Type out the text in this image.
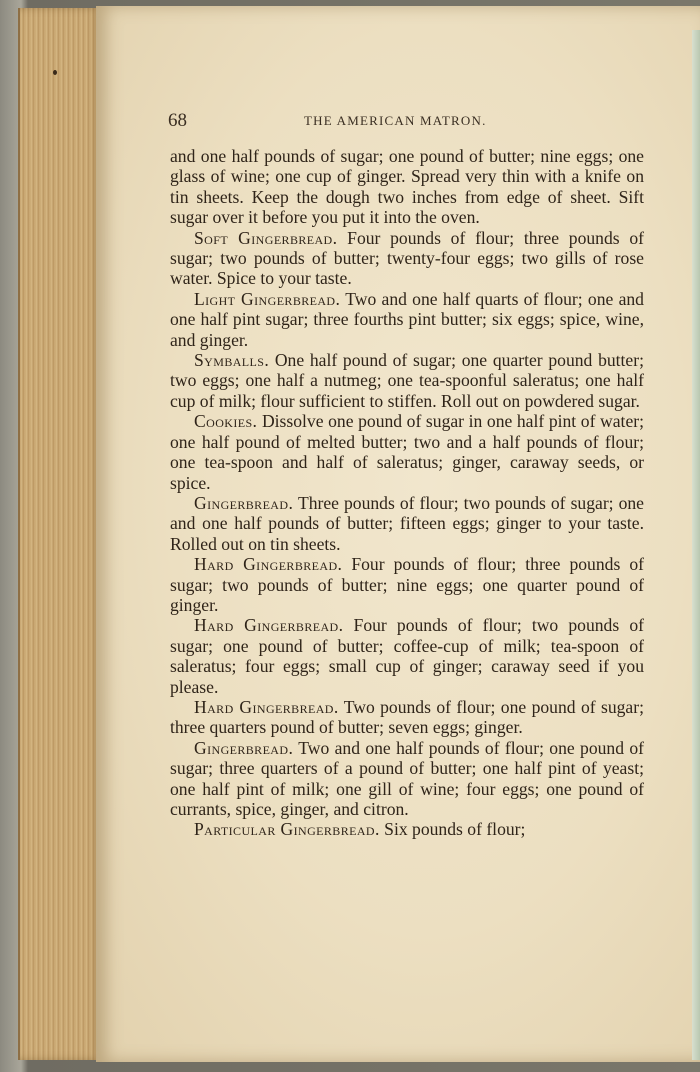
68	THE AMERICAN MATRON.

and one half pounds of sugar; one pound of butter; nine eggs; one glass of wine; one cup of ginger. Spread very thin with a knife on tin sheets. Keep the dough two inches from edge of sheet. Sift sugar over it before you put it into the oven.

Soft Gingerbread. Four pounds of flour; three pounds of sugar; two pounds of butter; twenty-four eggs; two gills of rose water. Spice to your taste.

Light Gingerbread. Two and one half quarts of flour; one and one half pint sugar; three fourths pint butter; six eggs; spice, wine, and ginger.

Symballs. One half pound of sugar; one quarter pound butter; two eggs; one half a nutmeg; one tea-spoonful saleratus; one half cup of milk; flour sufficient to stiffen. Roll out on powdered sugar.

Cookies. Dissolve one pound of sugar in one half pint of water; one half pound of melted butter; two and a half pounds of flour; one tea-spoon and half of saleratus; ginger, caraway seeds, or spice.

Gingerbread. Three pounds of flour; two pounds of sugar; one and one half pounds of butter; fifteen eggs; ginger to your taste. Rolled out on tin sheets.

Hard Gingerbread. Four pounds of flour; three pounds of sugar; two pounds of butter; nine eggs; one quarter pound of ginger.

Hard Gingerbread. Four pounds of flour; two pounds of sugar; one pound of butter; coffee-cup of milk; tea-spoon of saleratus; four eggs; small cup of ginger; caraway seed if you please.

Hard Gingerbread. Two pounds of flour; one pound of sugar; three quarters pound of butter; seven eggs; ginger.

Gingerbread. Two and one half pounds of flour; one pound of sugar; three quarters of a pound of butter; one half pint of yeast; one half pint of milk; one gill of wine; four eggs; one pound of currants, spice, ginger, and citron.

Particular Gingerbread. Six pounds of flour;
